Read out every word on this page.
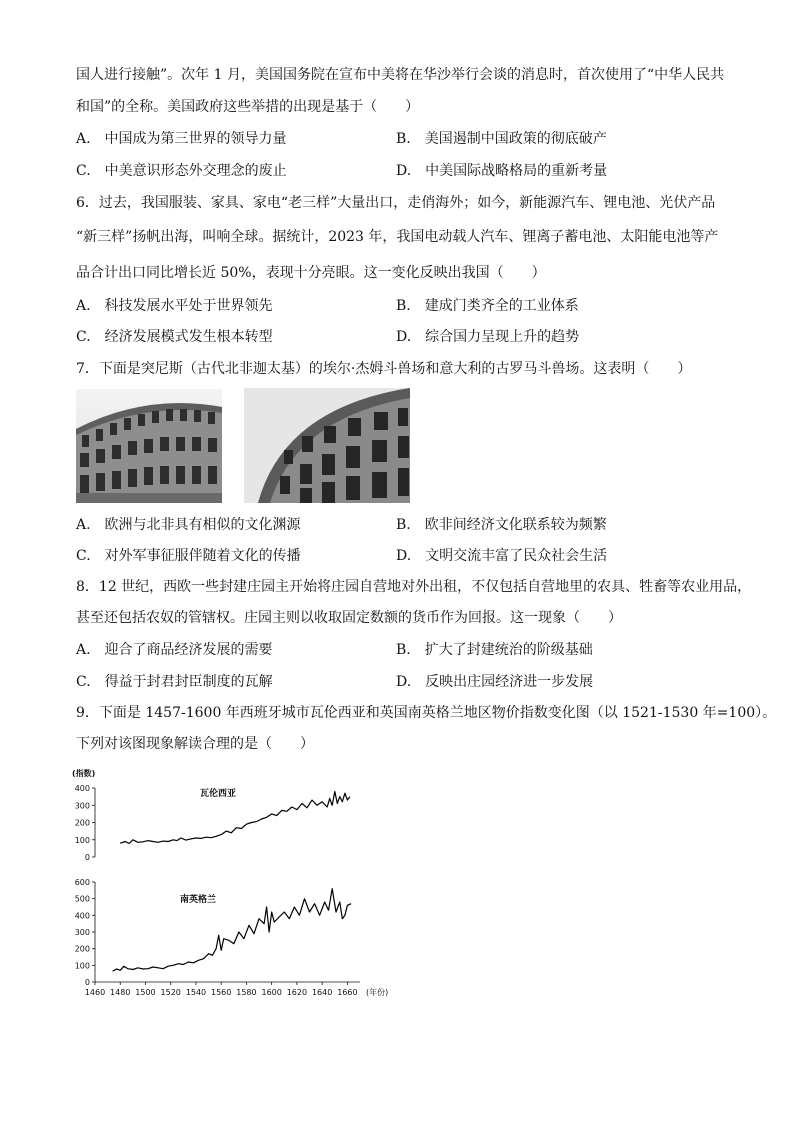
国人进行接触”。次年 1 月，美国国务院在宣布中美将在华沙举行会谈的消息时，首次使用了“中华人民共
和国”的全称。美国政府这些举措的出现是基于（　　）
A.　中国成为第三世界的领导力量	B.　美国遏制中国政策的彻底破产
C.　中美意识形态外交理念的废止	D.　中美国际战略格局的重新考量
6．过去，我国服装、家具、家电“老三样”大量出口，走俏海外；如今，新能源汽车、锂电池、光伏产品
“新三样”扬帆出海，叫响全球。据统计，2023 年，我国电动载人汽车、锂离子蓄电池、太阳能电池等产
品合计出口同比增长近 50%，表现十分亮眼。这一变化反映出我国（　　）
A.　科技发展水平处于世界领先	B.　建成门类齐全的工业体系
C.　经济发展模式发生根本转型	D.　综合国力呈现上升的趋势
7．下面是突尼斯（古代北非迦太基）的埃尔·杰姆斗兽场和意大利的古罗马斗兽场。这表明（　　）
A.　欧洲与北非具有相似的文化渊源	B.　欧非间经济文化联系较为频繁
C.　对外军事征服伴随着文化的传播	D.　文明交流丰富了民众社会生活
8．12 世纪，西欧一些封建庄园主开始将庄园自营地对外出租，不仅包括自营地里的农具、牲畜等农业用品，
甚至还包括农奴的管辖权。庄园主则以收取固定数额的货币作为回报。这一现象（　　）
A.　迎合了商品经济发展的需要	B.　扩大了封建统治的阶级基础
C.　得益于封君封臣制度的瓦解	D.　反映出庄园经济进一步发展
9．下面是 1457-1600 年西班牙城市瓦伦西亚和英国南英格兰地区物价指数变化图（以 1521-1530 年=100）。
下列对该图现象解读合理的是（　　）
0
100
200
300
400
瓦伦西亚
0
100
200
300
400
500
600
南英格兰
(指数)
1460 1480 1500 1520 1540 1560 1580 1600 1620 1640 1660 (年份)
